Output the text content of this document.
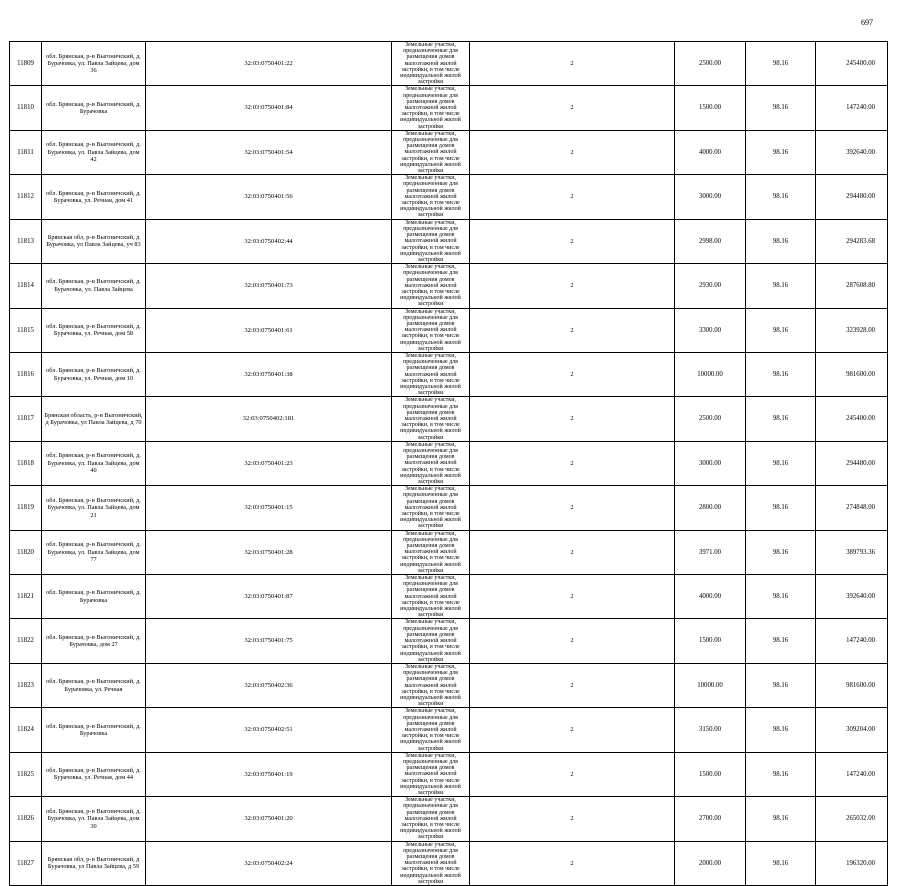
697
11809	обл. Брянская, р-н Выгоничский, д. Бурачовка, ул. Павла Зайцева, дом 36	32:03:0750401:22	Земельные участки, предназначенные для размещения домов малоэтажной жилой застройки, в том числе индивидуальной жилой застройки	2	2500.00	98.16	245400.00
11810	обл. Брянская, р-н Выгоничский, д. Бурачовка	32:03:0750401:84	Земельные участки, предназначенные для размещения домов малоэтажной жилой застройки, в том числе индивидуальной жилой застройки	2	1500.00	98.16	147240.00
11811	обл. Брянская, р-н Выгоничский, д. Бурачовка, ул. Павла Зайцева, дом 42	32:03:0750401:54	Земельные участки, предназначенные для размещения домов малоэтажной жилой застройки, в том числе индивидуальной жилой застройки	2	4000.00	98.16	392640.00
11812	обл. Брянская, р-н Выгоничский, д. Бурачовка, ул. Речная, дом 41	32:03:0750401:56	Земельные участки, предназначенные для размещения домов малоэтажной жилой застройки, в том числе индивидуальной жилой застройки	2	3000.00	98.16	294480.00
11813	Брянская обл, р-н Выгоничский, д Бурачовка, ул Павла Зайцева, уч 83	32:03:0750402:44	Земельные участки, предназначенные для размещения домов малоэтажной жилой застройки, в том числе индивидуальной жилой застройки	2	2998.00	98.16	294283.68
11814	обл. Брянская, р-н Выгоничский, д. Бурачовка, ул. Павла Зайцева	32:03:0750401:73	Земельные участки, предназначенные для размещения домов малоэтажной жилой застройки, в том числе индивидуальной жилой застройки	2	2930.00	98.16	287608.80
11815	обл. Брянская, р-н Выгоничский, д. Бурачовка, ул. Речная, дом 58	32:03:0750401:61	Земельные участки, предназначенные для размещения домов малоэтажной жилой застройки, в том числе индивидуальной жилой застройки	2	3300.00	98.16	323928.00
11816	обл. Брянская, р-н Выгоничский, д. Бурачовка, ул. Речная, дом 10	32:03:0750401:38	Земельные участки, предназначенные для размещения домов малоэтажной жилой застройки, в том числе индивидуальной жилой застройки	2	10000.00	98.16	981600.00
11817	Брянская область, р-н Выгоничский, д Бурачовка, ул Павла Зайцева, д 70	32:03:0750402:181	Земельные участки, предназначенные для размещения домов малоэтажной жилой застройки, в том числе индивидуальной жилой застройки	2	2500.00	98.16	245400.00
11818	обл. Брянская, р-н Выгоничский, д. Бурачовка, ул. Павла Зайцева, дом 40	32:03:0750401:23	Земельные участки, предназначенные для размещения домов малоэтажной жилой застройки, в том числе индивидуальной жилой застройки	2	3000.00	98.16	294480.00
11819	обл. Брянская, р-н Выгоничский, д. Бурачовка, ул. Павла Зайцева, дом 21	32:03:0750401:15	Земельные участки, предназначенные для размещения домов малоэтажной жилой застройки, в том числе индивидуальной жилой застройки	2	2800.00	98.16	274848.00
11820	обл. Брянская, р-н Выгоничский, д. Бурачовка, ул. Павла Зайцева, дом 77	32:03:0750401:28	Земельные участки, предназначенные для размещения домов малоэтажной жилой застройки, в том числе индивидуальной жилой застройки	2	3971.00	98.16	389793.36
11821	обл. Брянская, р-н Выгоничский, д. Бурачовка	32:03:0750401:87	Земельные участки, предназначенные для размещения домов малоэтажной жилой застройки, в том числе индивидуальной жилой застройки	2	4000.00	98.16	392640.00
11822	обл. Брянская, р-н Выгоничский, д. Бурачовка, дом 27	32:03:0750401:75	Земельные участки, предназначенные для размещения домов малоэтажной жилой застройки, в том числе индивидуальной жилой застройки	2	1500.00	98.16	147240.00
11823	обл. Брянская, р-н Выгоничский, д. Бурачовка, ул. Речная	32:03:0750402:36	Земельные участки, предназначенные для размещения домов малоэтажной жилой застройки, в том числе индивидуальной жилой застройки	2	10000.00	98.16	981600.00
11824	обл. Брянская, р-н Выгоничский, д. Бурачовка	32:03:0750402:51	Земельные участки, предназначенные для размещения домов малоэтажной жилой застройки, в том числе индивидуальной жилой застройки	2	3150.00	98.16	309204.00
11825	обл. Брянская, р-н Выгоничский, д. Бурачовка, ул. Речная, дом 44	32:03:0750401:19	Земельные участки, предназначенные для размещения домов малоэтажной жилой застройки, в том числе индивидуальной жилой застройки	2	1500.00	98.16	147240.00
11826	обл. Брянская, р-н Выгоничский, д. Бурачовка, ул. Павла Зайцева, дом 30	32:03:0750401:20	Земельные участки, предназначенные для размещения домов малоэтажной жилой застройки, в том числе индивидуальной жилой застройки	2	2700.00	98.16	265032.00
11827	Брянская обл, р-н Выгоничский, д Бурачовка, ул Павла Зайцева, д 59	32:03:0750402:24	Земельные участки, предназначенные для размещения домов малоэтажной жилой застройки, в том числе индивидуальной жилой застройки	2	2000.00	98.16	196320.00
